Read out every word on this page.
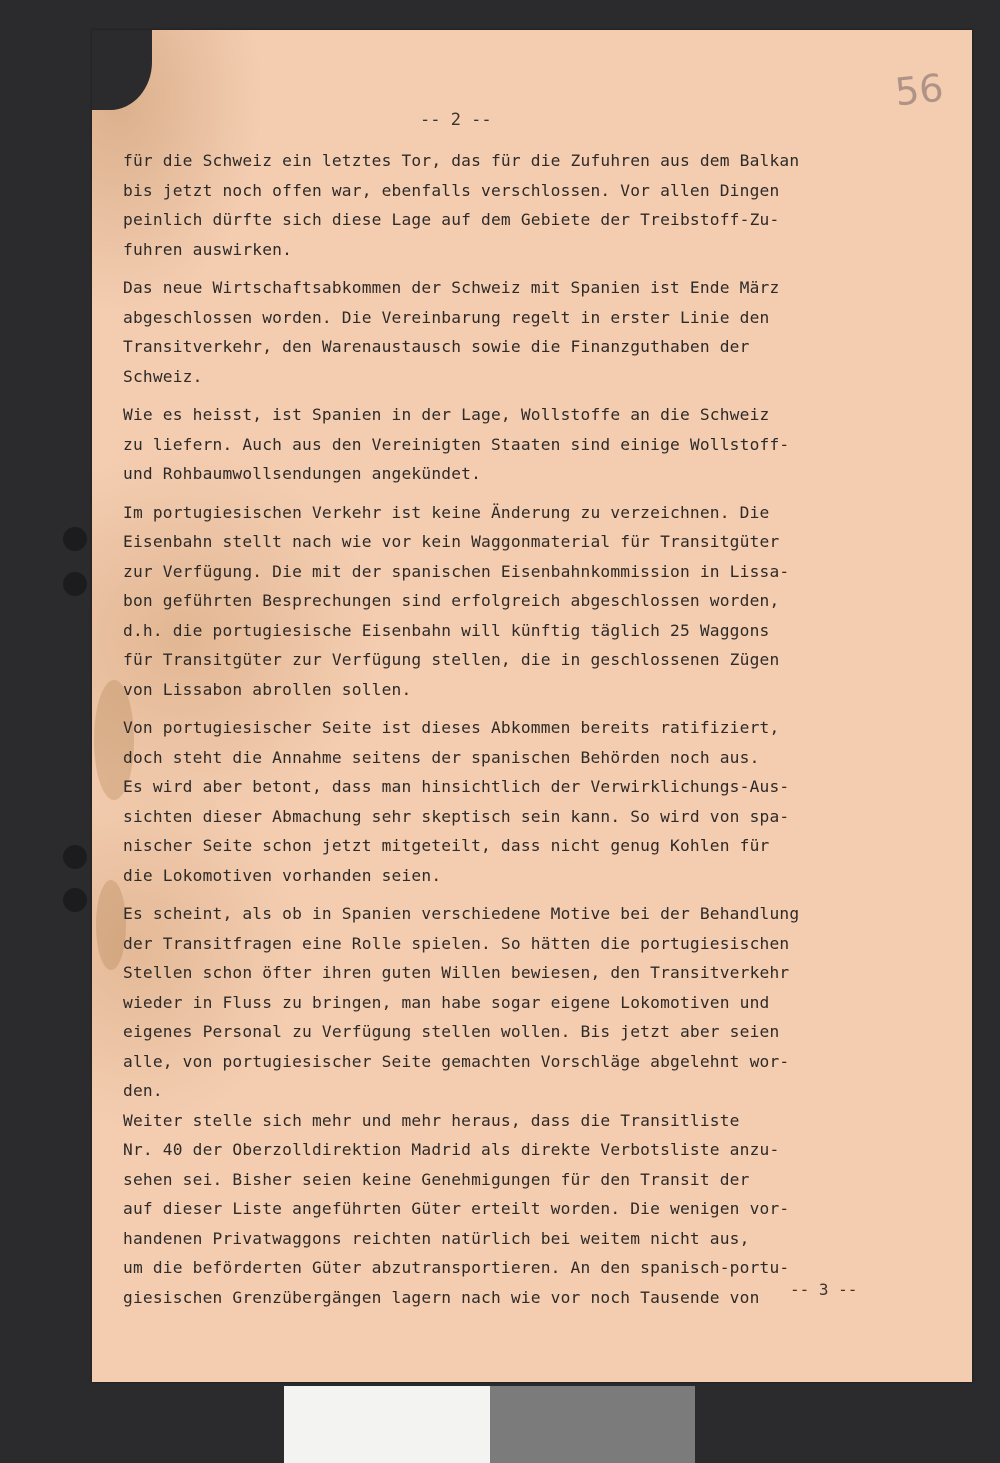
56
-- 2 --
für die Schweiz ein letztes Tor, das für die Zufuhren aus dem Balkan
bis jetzt noch offen war, ebenfalls verschlossen. Vor allen Dingen
peinlich dürfte sich diese Lage auf dem Gebiete der Treibstoff-Zu-
fuhren auswirken.
Das neue Wirtschaftsabkommen der Schweiz mit Spanien ist Ende März
abgeschlossen worden. Die Vereinbarung regelt in erster Linie den
Transitverkehr, den Warenaustausch sowie die Finanzguthaben der
Schweiz.
Wie es heisst, ist Spanien in der Lage, Wollstoffe an die Schweiz
zu liefern. Auch aus den Vereinigten Staaten sind einige Wollstoff-
und Rohbaumwollsendungen angekündet.
Im portugiesischen Verkehr ist keine Änderung zu verzeichnen. Die
Eisenbahn stellt nach wie vor kein Waggonmaterial für Transitgüter
zur Verfügung. Die mit der spanischen Eisenbahnkommission in Lissa-
bon geführten Besprechungen sind erfolgreich abgeschlossen worden,
d.h. die portugiesische Eisenbahn will künftig täglich 25 Waggons
für Transitgüter zur Verfügung stellen, die in geschlossenen Zügen
von Lissabon abrollen sollen.
Von portugiesischer Seite ist dieses Abkommen bereits ratifiziert,
doch steht die Annahme seitens der spanischen Behörden noch aus.
Es wird aber betont, dass man hinsichtlich der Verwirklichungs-Aus-
sichten dieser Abmachung sehr skeptisch sein kann. So wird von spa-
nischer Seite schon jetzt mitgeteilt, dass nicht genug Kohlen für
die Lokomotiven vorhanden seien.
Es scheint, als ob in Spanien verschiedene Motive bei der Behandlung
der Transitfragen eine Rolle spielen. So hätten die portugiesischen
Stellen schon öfter ihren guten Willen bewiesen, den Transitverkehr
wieder in Fluss zu bringen, man habe sogar eigene Lokomotiven und
eigenes Personal zu Verfügung stellen wollen. Bis jetzt aber seien
alle, von portugiesischer Seite gemachten Vorschläge abgelehnt wor-
den.
Weiter stelle sich mehr und mehr heraus, dass die Transitliste
Nr. 40 der Oberzolldirektion Madrid als direkte Verbotsliste anzu-
sehen sei. Bisher seien keine Genehmigungen für den Transit der
auf dieser Liste angeführten Güter erteilt worden. Die wenigen vor-
handenen Privatwaggons reichten natürlich bei weitem nicht aus,
um die beförderten Güter abzutransportieren. An den spanisch-portu-
giesischen Grenzübergängen lagern nach wie vor noch Tausende von	-- 3 --
